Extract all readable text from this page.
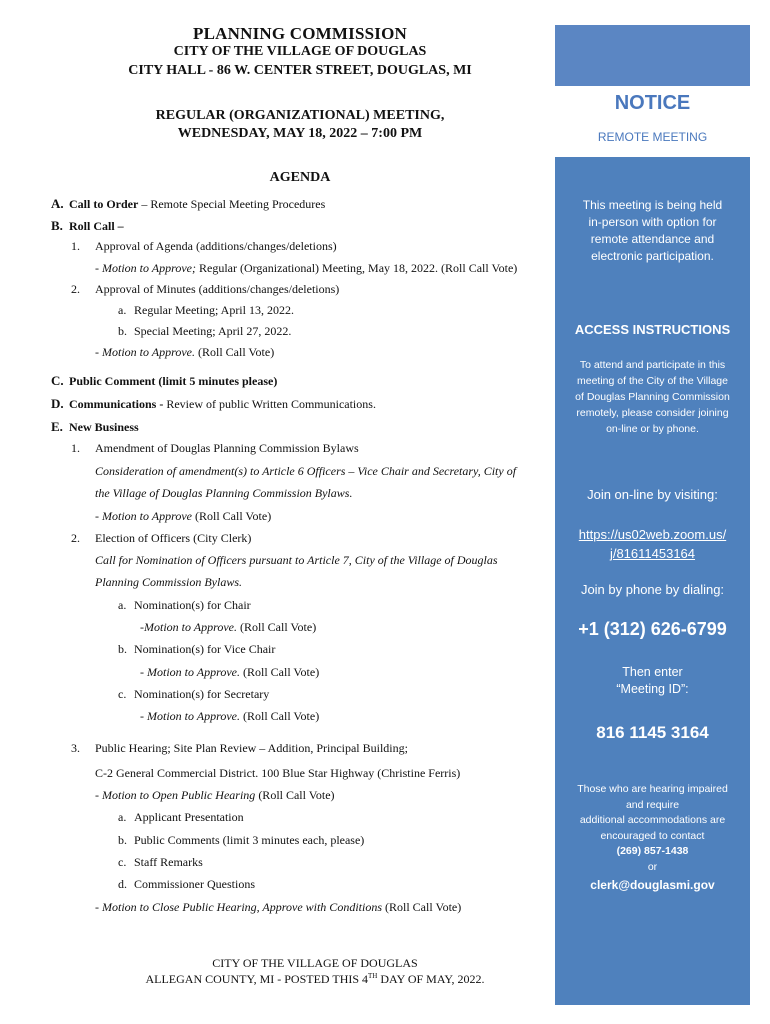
PLANNING COMMISSION
CITY OF THE VILLAGE OF DOUGLAS
CITY HALL - 86 W. CENTER STREET, DOUGLAS, MI
REGULAR (ORGANIZATIONAL) MEETING,
WEDNESDAY, MAY 18, 2022 – 7:00 PM
AGENDA
A. Call to Order – Remote Special Meeting Procedures
B. Roll Call –
1. Approval of Agenda (additions/changes/deletions)
- Motion to Approve; Regular (Organizational) Meeting, May 18, 2022. (Roll Call Vote)
2. Approval of Minutes (additions/changes/deletions)
a. Regular Meeting; April 13, 2022.
b. Special Meeting; April 27, 2022.
- Motion to Approve. (Roll Call Vote)
C. Public Comment (limit 5 minutes please)
D. Communications - Review of public Written Communications.
E. New Business
1. Amendment of Douglas Planning Commission Bylaws
Consideration of amendment(s) to Article 6 Officers – Vice Chair and Secretary, City of
the Village of Douglas Planning Commission Bylaws.
- Motion to Approve (Roll Call Vote)
2. Election of Officers (City Clerk)
Call for Nomination of Officers pursuant to Article 7, City of the Village of Douglas
Planning Commission Bylaws.
a. Nomination(s) for Chair
-Motion to Approve. (Roll Call Vote)
b. Nomination(s) for Vice Chair
- Motion to Approve. (Roll Call Vote)
c. Nomination(s) for Secretary
- Motion to Approve. (Roll Call Vote)
3. Public Hearing; Site Plan Review – Addition, Principal Building;
C-2 General Commercial District. 100 Blue Star Highway (Christine Ferris)
- Motion to Open Public Hearing (Roll Call Vote)
a. Applicant Presentation
b. Public Comments (limit 3 minutes each, please)
c. Staff Remarks
d. Commissioner Questions
- Motion to Close Public Hearing, Approve with Conditions (Roll Call Vote)
CITY OF THE VILLAGE OF DOUGLAS
ALLEGAN COUNTY, MI - POSTED THIS 4TH DAY OF MAY, 2022.
NOTICE
REMOTE MEETING
This meeting is being held
in-person with option for
remote attendance and
electronic participation.
ACCESS INSTRUCTIONS
To attend and participate in this
meeting of the City of the Village
of Douglas Planning Commission
remotely, please consider joining
on-line or by phone.
Join on-line by visiting:
https://us02web.zoom.us/
j/81611453164
Join by phone by dialing:
+1 (312) 626-6799
Then enter
“Meeting ID”:
816 1145 3164
Those who are hearing impaired
and require
additional accommodations are
encouraged to contact
(269) 857-1438
or
clerk@douglasmi.gov
